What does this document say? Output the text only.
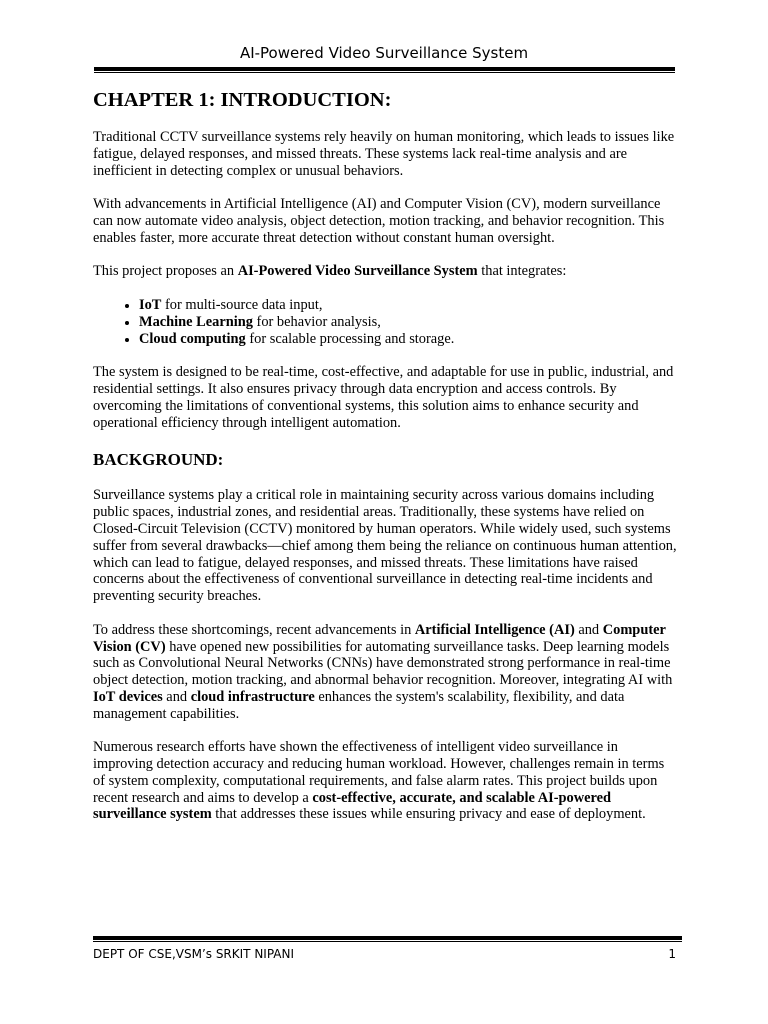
AI-Powered Video Surveillance System
CHAPTER 1: INTRODUCTION:

Traditional CCTV surveillance systems rely heavily on human monitoring, which leads to issues like fatigue, delayed responses, and missed threats. These systems lack real-time analysis and are inefficient in detecting complex or unusual behaviors.

With advancements in Artificial Intelligence (AI) and Computer Vision (CV), modern surveillance can now automate video analysis, object detection, motion tracking, and behavior recognition. This enables faster, more accurate threat detection without constant human oversight.

This project proposes an AI-Powered Video Surveillance System that integrates:

• IoT for multi-source data input,
• Machine Learning for behavior analysis,
• Cloud computing for scalable processing and storage.

The system is designed to be real-time, cost-effective, and adaptable for use in public, industrial, and residential settings. It also ensures privacy through data encryption and access controls. By overcoming the limitations of conventional systems, this solution aims to enhance security and operational efficiency through intelligent automation.

BACKGROUND:

Surveillance systems play a critical role in maintaining security across various domains including public spaces, industrial zones, and residential areas. Traditionally, these systems have relied on Closed-Circuit Television (CCTV) monitored by human operators. While widely used, such systems suffer from several drawbacks—chief among them being the reliance on continuous human attention, which can lead to fatigue, delayed responses, and missed threats. These limitations have raised concerns about the effectiveness of conventional surveillance in detecting real-time incidents and preventing security breaches.

To address these shortcomings, recent advancements in Artificial Intelligence (AI) and Computer Vision (CV) have opened new possibilities for automating surveillance tasks. Deep learning models such as Convolutional Neural Networks (CNNs) have demonstrated strong performance in real-time object detection, motion tracking, and abnormal behavior recognition. Moreover, integrating AI with IoT devices and cloud infrastructure enhances the system's scalability, flexibility, and data management capabilities.

Numerous research efforts have shown the effectiveness of intelligent video surveillance in improving detection accuracy and reducing human workload. However, challenges remain in terms of system complexity, computational requirements, and false alarm rates. This project builds upon recent research and aims to develop a cost-effective, accurate, and scalable AI-powered surveillance system that addresses these issues while ensuring privacy and ease of deployment.

DEPT OF CSE,VSM’s SRKIT NIPANI	1
